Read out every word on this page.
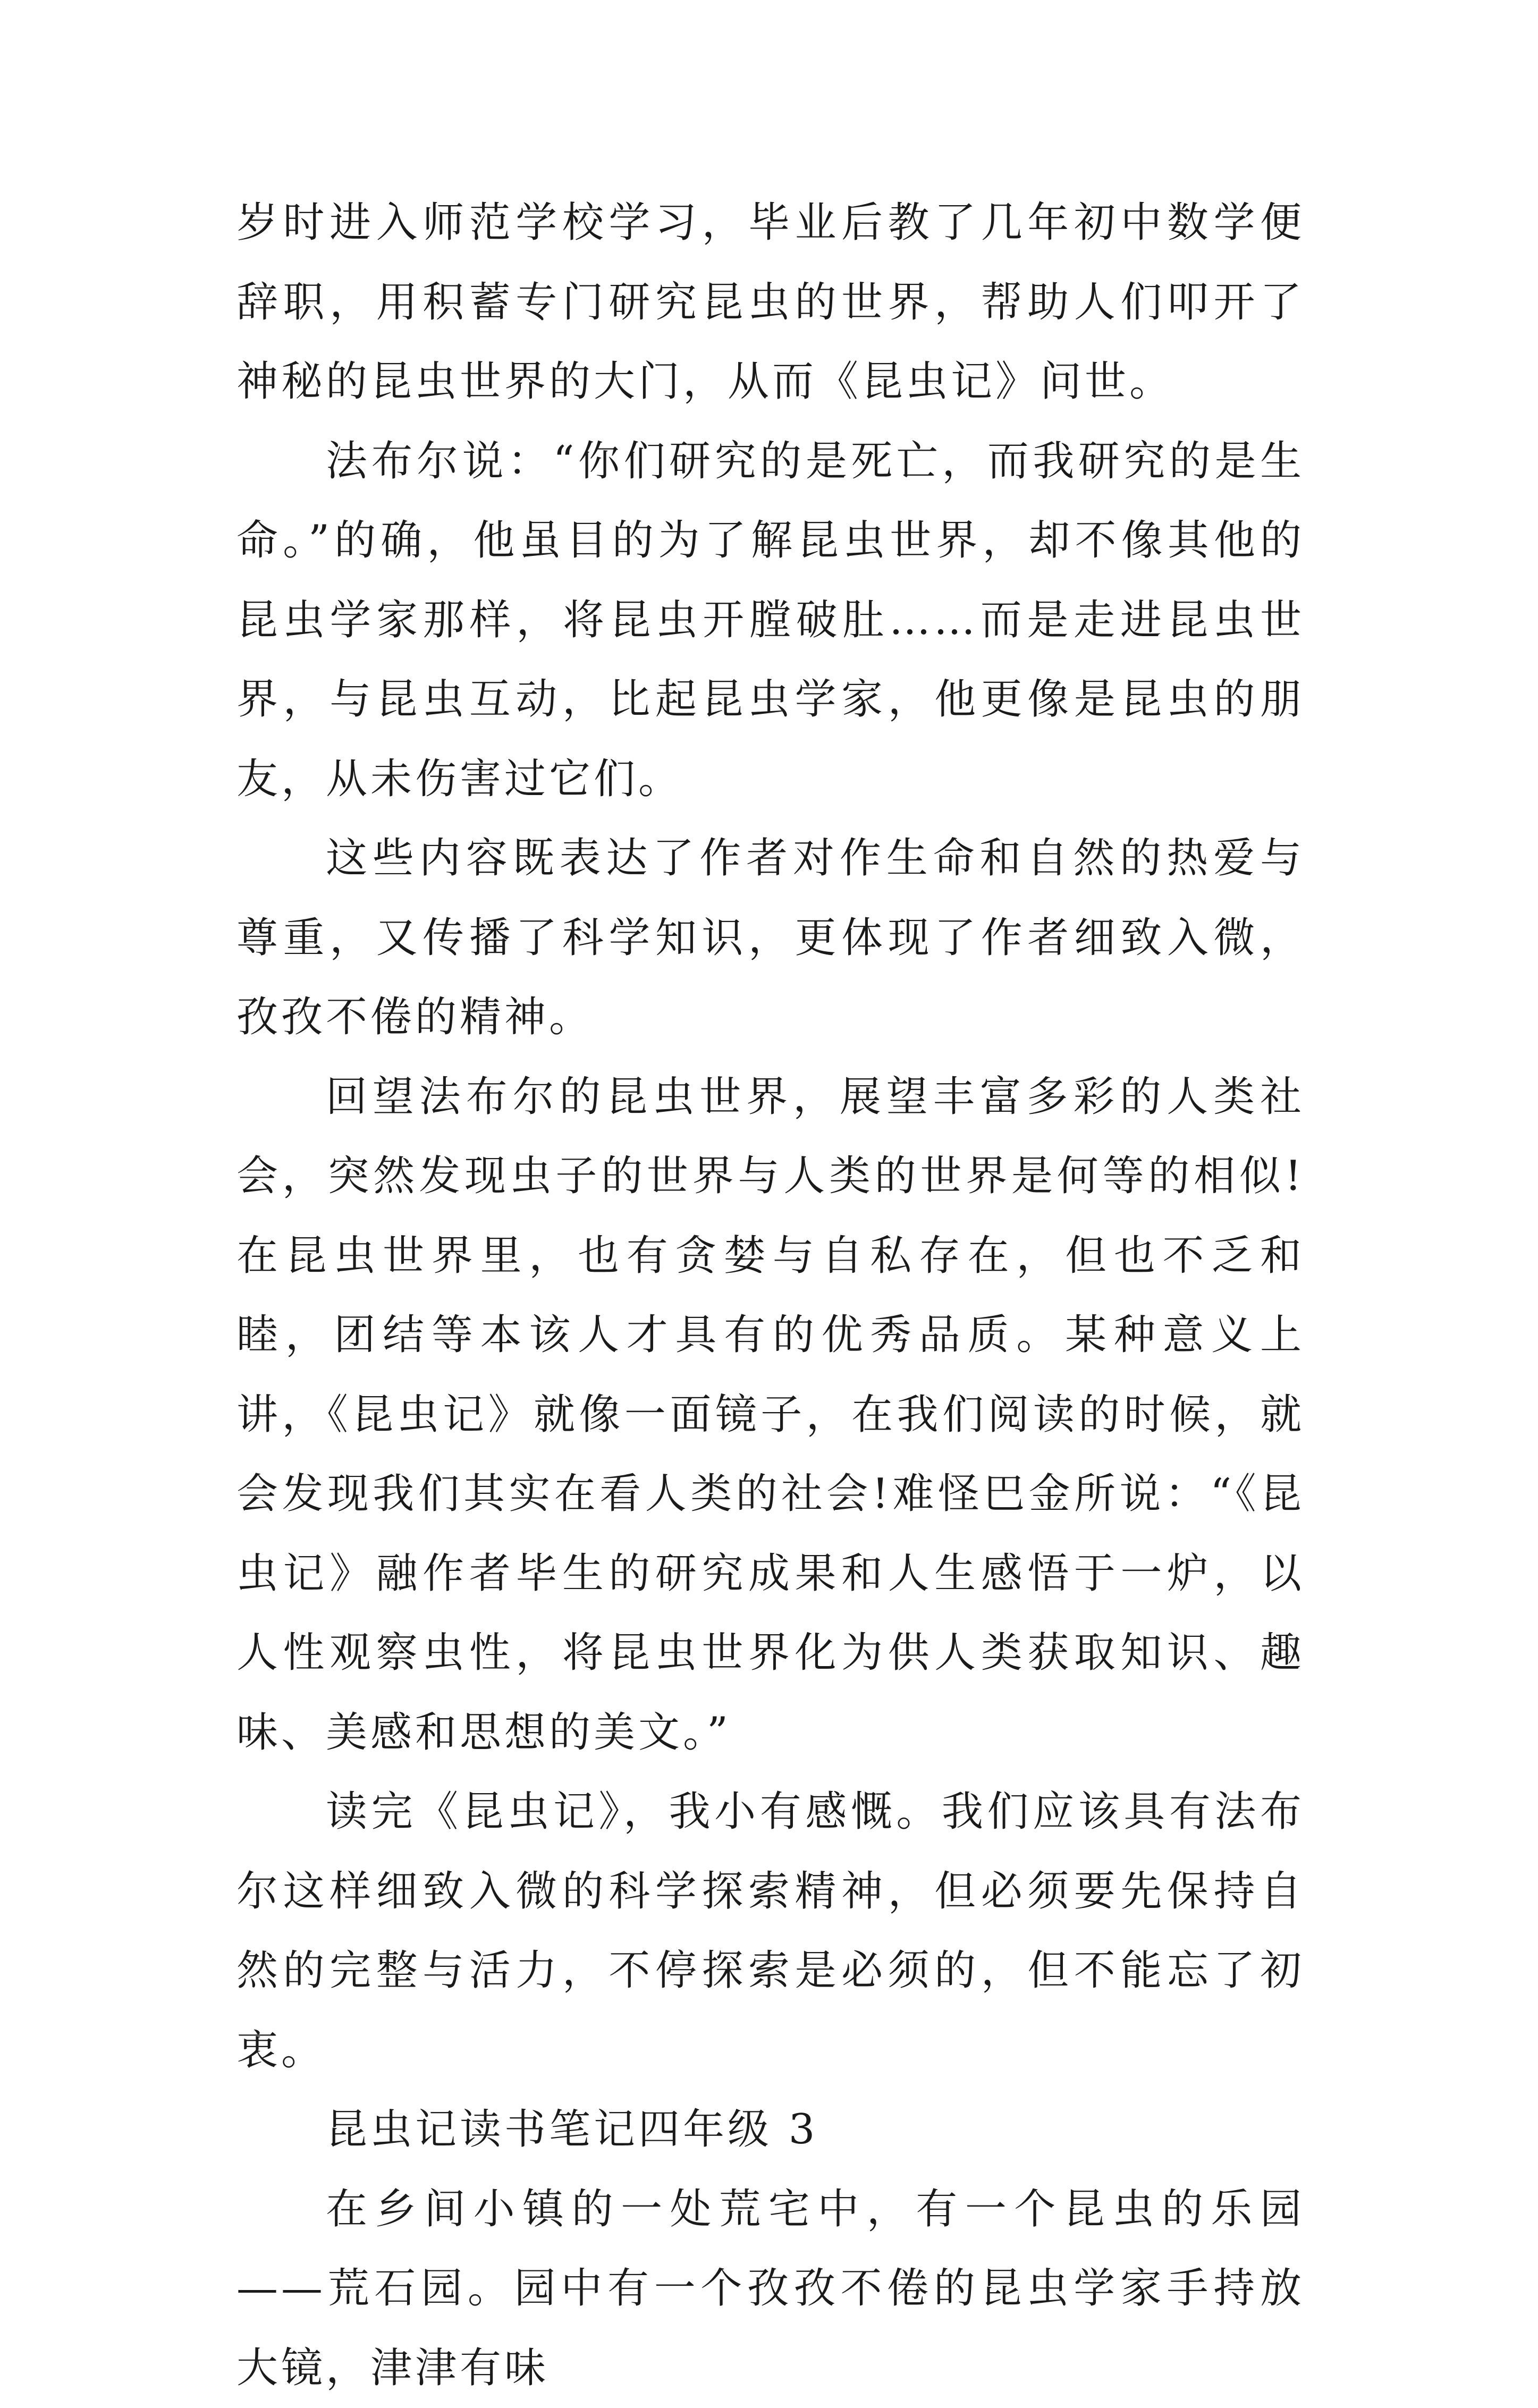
岁时进入师范学校学习，毕业后教了几年初中数学便辞职，用积蓄专门研究昆虫的世界，帮助人们叩开了神秘的昆虫世界的大门，从而《昆虫记》问世。

法布尔说：“你们研究的是死亡，而我研究的是生命。”的确，他虽目的为了解昆虫世界，却不像其他的昆虫学家那样，将昆虫开膛破肚……而是走进昆虫世界，与昆虫互动，比起昆虫学家，他更像是昆虫的朋友，从未伤害过它们。

这些内容既表达了作者对作生命和自然的热爱与尊重，又传播了科学知识，更体现了作者细致入微，孜孜不倦的精神。

回望法布尔的昆虫世界，展望丰富多彩的人类社会，突然发现虫子的世界与人类的世界是何等的相似!在昆虫世界里，也有贪婪与自私存在，但也不乏和睦，团结等本该人才具有的优秀品质。某种意义上讲，《昆虫记》就像一面镜子，在我们阅读的时候，就会发现我们其实在看人类的社会!难怪巴金所说：“《昆虫记》融作者毕生的研究成果和人生感悟于一炉，以人性观察虫性，将昆虫世界化为供人类获取知识、趣味、美感和思想的美文。”

读完《昆虫记》，我小有感慨。我们应该具有法布尔这样细致入微的科学探索精神，但必须要先保持自然的完整与活力，不停探索是必须的，但不能忘了初衷。

昆虫记读书笔记四年级 3

在乡间小镇的一处荒宅中，有一个昆虫的乐园——荒石园。园中有一个孜孜不倦的昆虫学家手持放大镜，津津有味
